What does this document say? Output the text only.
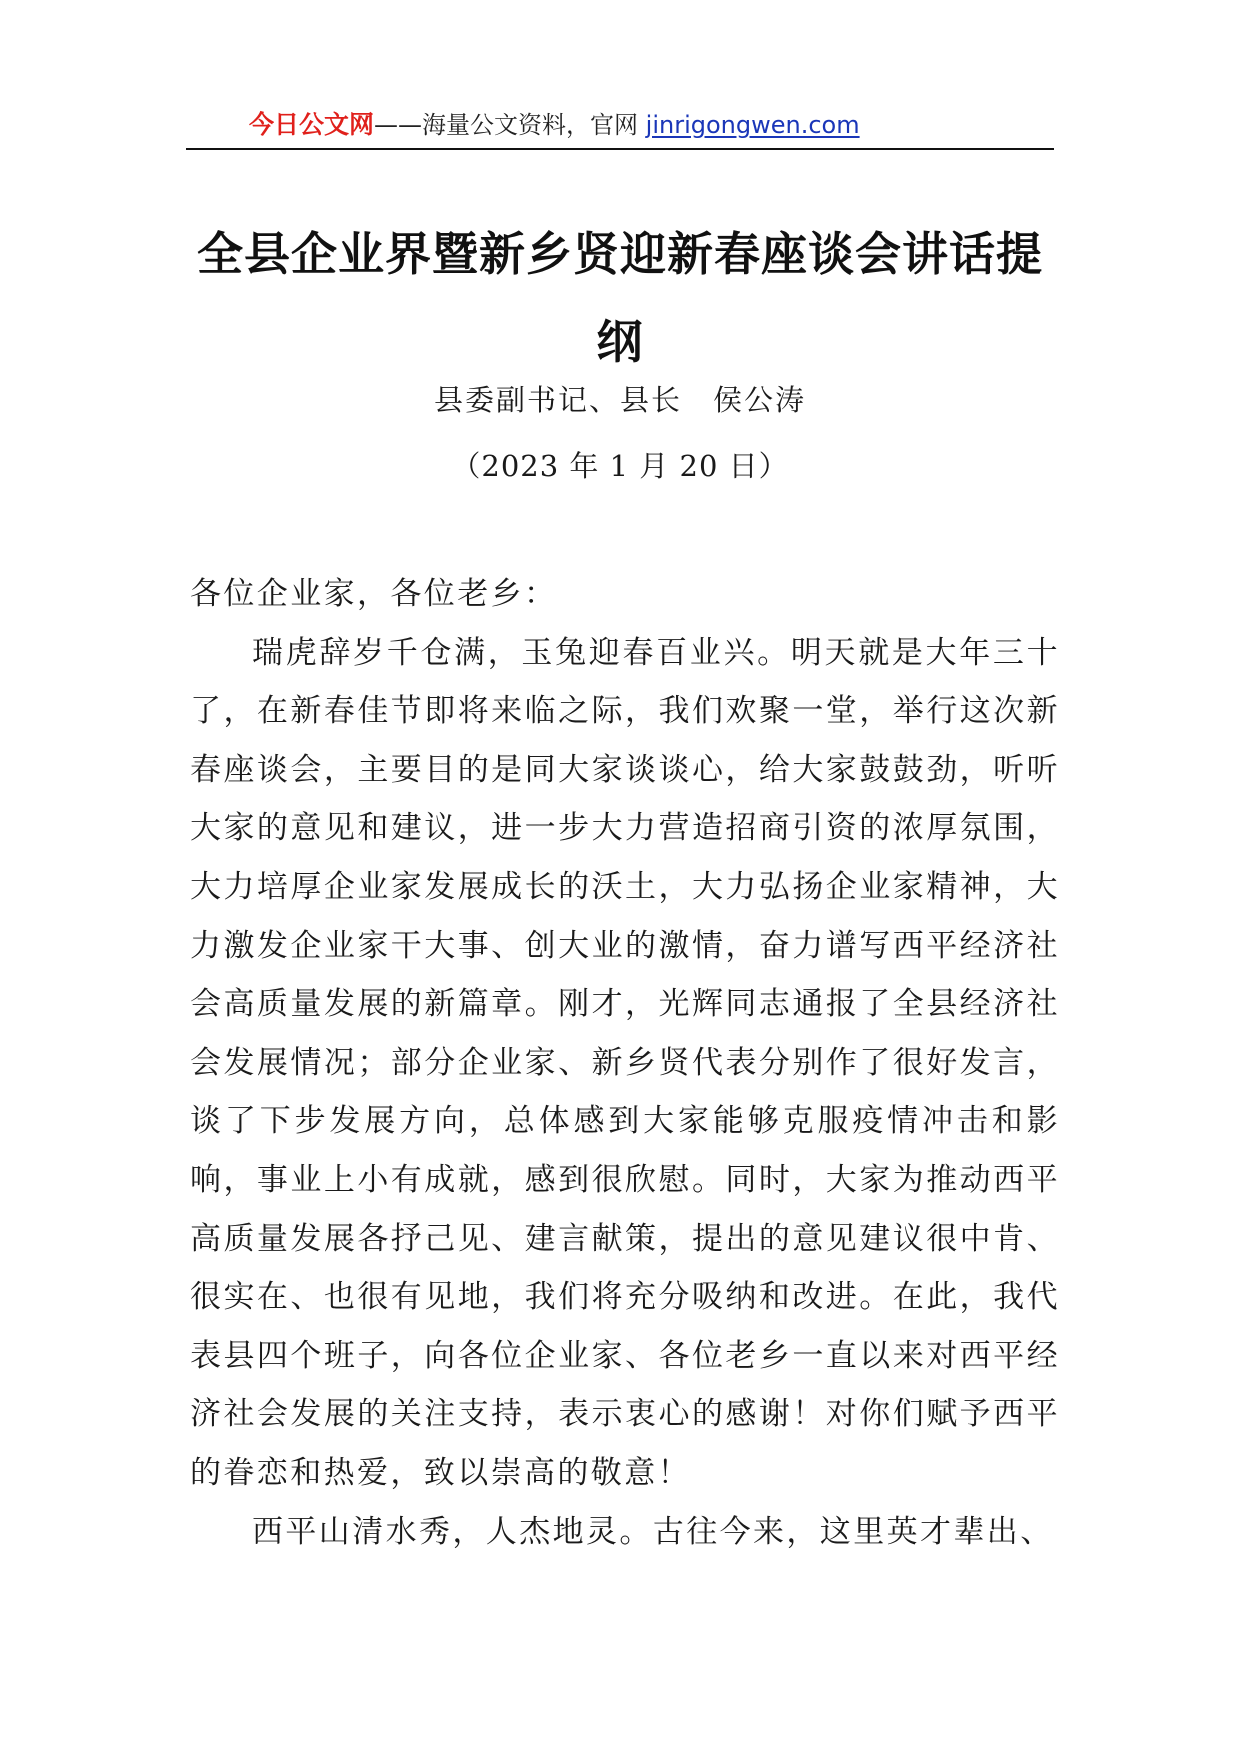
今日公文网——海量公文资料，官网 jinrigongwen.com
全县企业界暨新乡贤迎新春座谈会讲话提纲
县委副书记、县长　侯公涛
（2023 年 1 月 20 日）

各位企业家，各位老乡：

瑞虎辞岁千仓满，玉兔迎春百业兴。明天就是大年三十了，在新春佳节即将来临之际，我们欢聚一堂，举行这次新春座谈会，主要目的是同大家谈谈心，给大家鼓鼓劲，听听大家的意见和建议，进一步大力营造招商引资的浓厚氛围，大力培厚企业家发展成长的沃土，大力弘扬企业家精神，大力激发企业家干大事、创大业的激情，奋力谱写西平经济社会高质量发展的新篇章。刚才，光辉同志通报了全县经济社会发展情况；部分企业家、新乡贤代表分别作了很好发言，谈了下步发展方向，总体感到大家能够克服疫情冲击和影响，事业上小有成就，感到很欣慰。同时，大家为推动西平高质量发展各抒己见、建言献策，提出的意见建议很中肯、很实在、也很有见地，我们将充分吸纳和改进。在此，我代表县四个班子，向各位企业家、各位老乡一直以来对西平经济社会发展的关注支持，表示衷心的感谢！对你们赋予西平的眷恋和热爱，致以崇高的敬意！

西平山清水秀，人杰地灵。古往今来，这里英才辈出、
